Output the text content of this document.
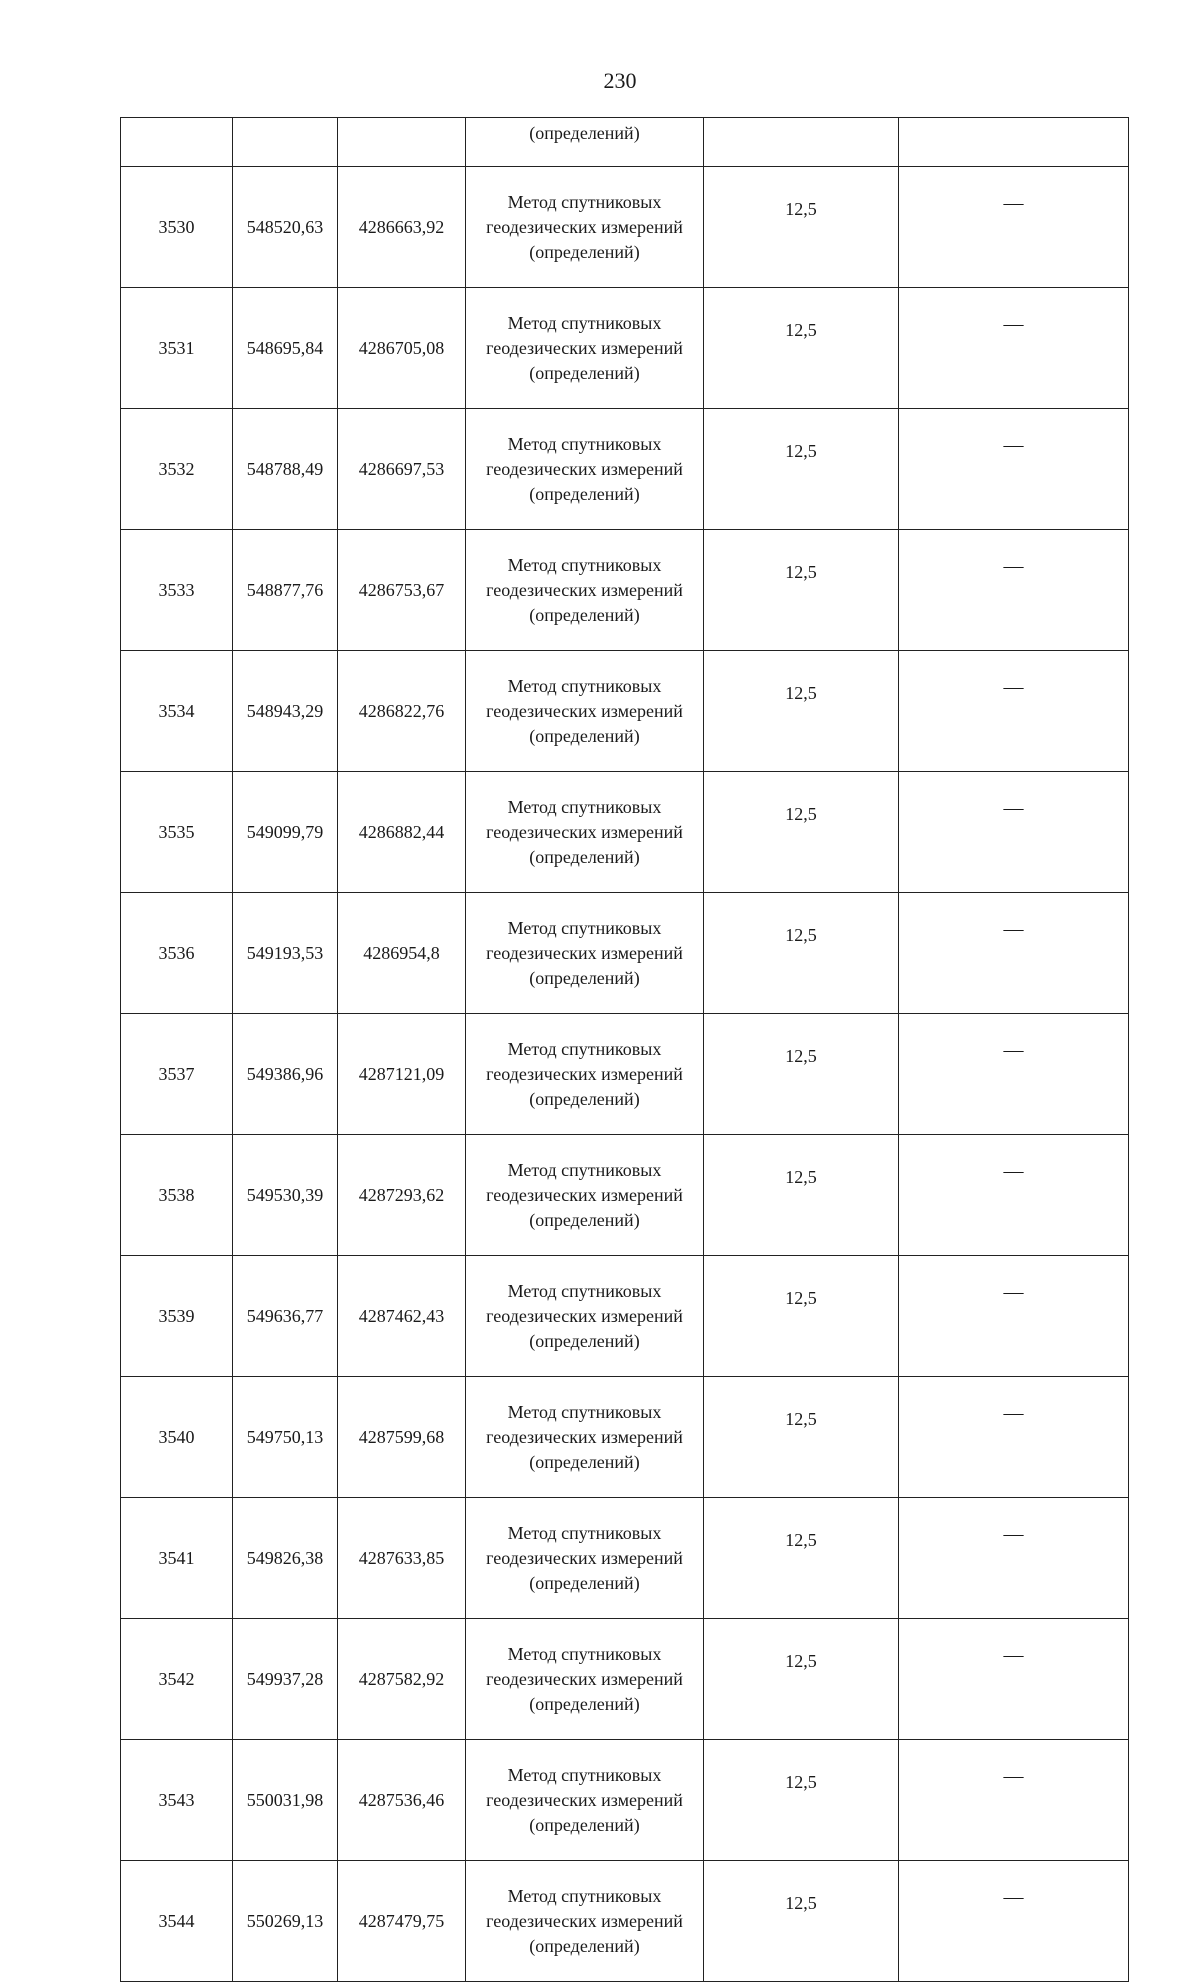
230
			(определений)		
3530	548520,63	4286663,92	Метод спутниковых
геодезических измерений
(определений)	12,5	—
3531	548695,84	4286705,08	Метод спутниковых
геодезических измерений
(определений)	12,5	—
3532	548788,49	4286697,53	Метод спутниковых
геодезических измерений
(определений)	12,5	—
3533	548877,76	4286753,67	Метод спутниковых
геодезических измерений
(определений)	12,5	—
3534	548943,29	4286822,76	Метод спутниковых
геодезических измерений
(определений)	12,5	—
3535	549099,79	4286882,44	Метод спутниковых
геодезических измерений
(определений)	12,5	—
3536	549193,53	4286954,8	Метод спутниковых
геодезических измерений
(определений)	12,5	—
3537	549386,96	4287121,09	Метод спутниковых
геодезических измерений
(определений)	12,5	—
3538	549530,39	4287293,62	Метод спутниковых
геодезических измерений
(определений)	12,5	—
3539	549636,77	4287462,43	Метод спутниковых
геодезических измерений
(определений)	12,5	—
3540	549750,13	4287599,68	Метод спутниковых
геодезических измерений
(определений)	12,5	—
3541	549826,38	4287633,85	Метод спутниковых
геодезических измерений
(определений)	12,5	—
3542	549937,28	4287582,92	Метод спутниковых
геодезических измерений
(определений)	12,5	—
3543	550031,98	4287536,46	Метод спутниковых
геодезических измерений
(определений)	12,5	—
3544	550269,13	4287479,75	Метод спутниковых
геодезических измерений
(определений)	12,5	—
